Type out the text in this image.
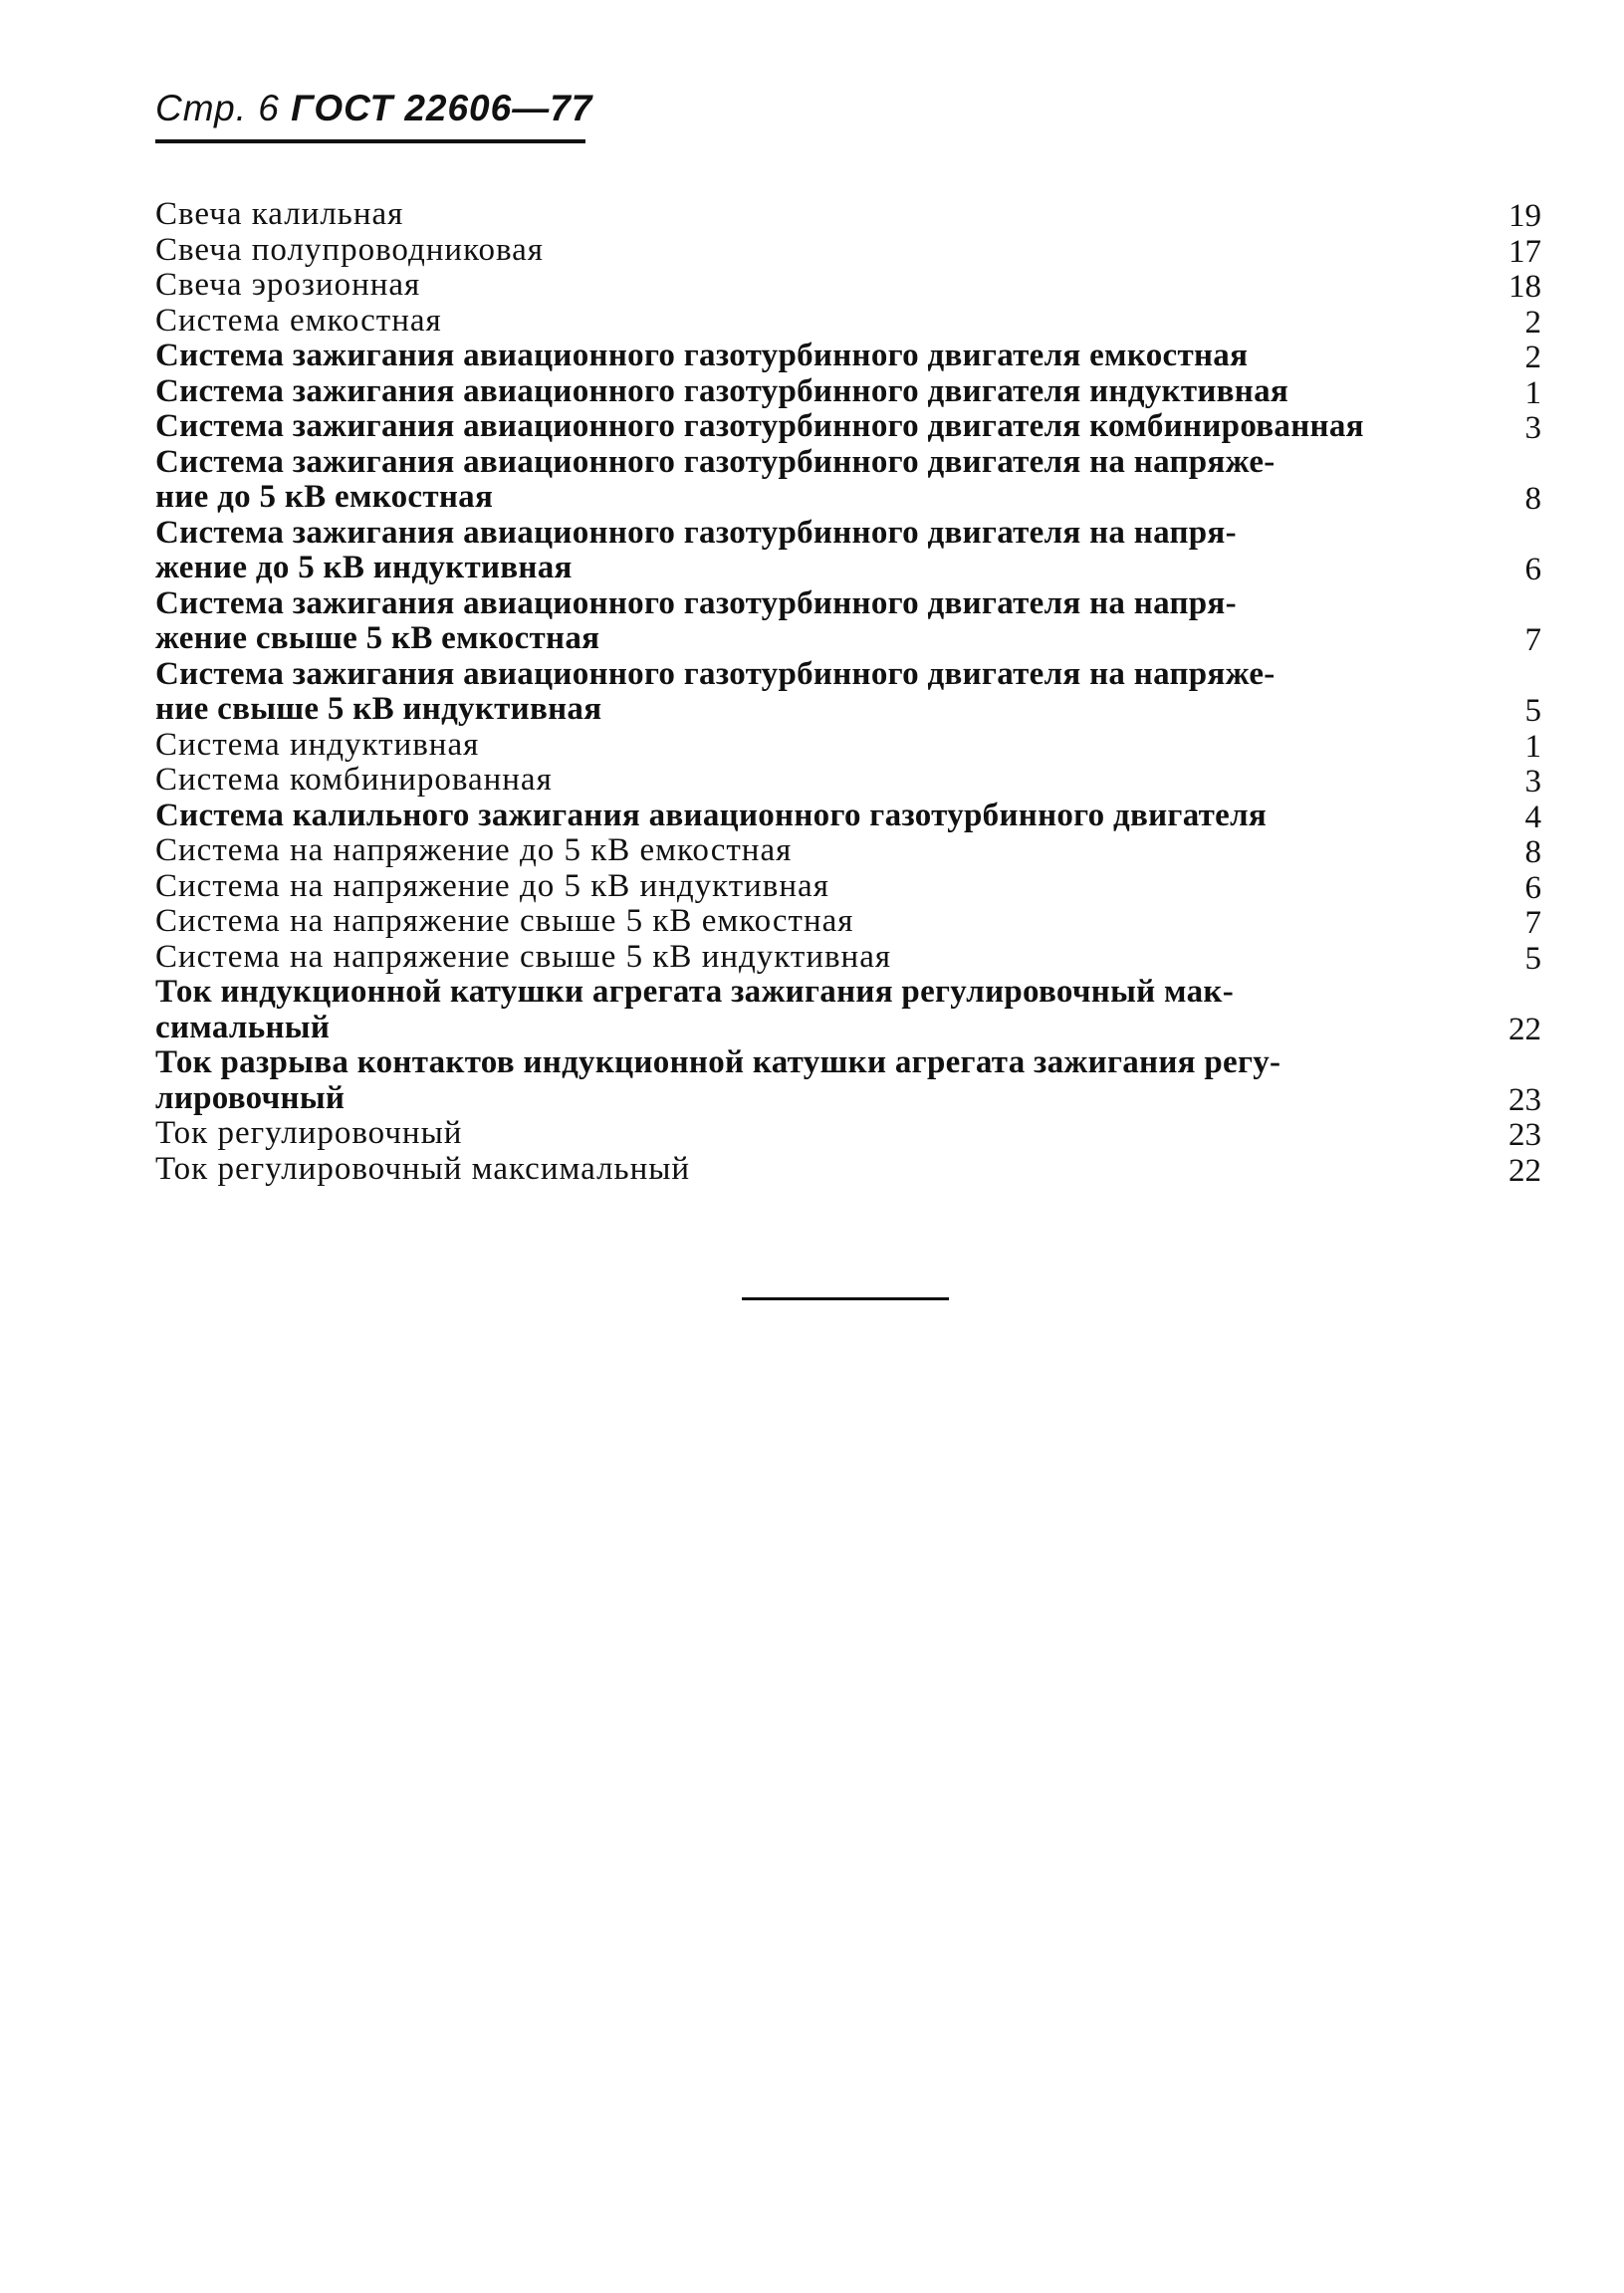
Стр. 6 ГОСТ 22606—77
Свеча калильная	19
Свеча полупроводниковая	17
Свеча эрозионная	18
Система емкостная	2
Система зажигания авиационного газотурбинного двигателя емкостная	2
Система зажигания авиационного газотурбинного двигателя индуктивная	1
Система зажигания авиационного газотурбинного двигателя комбинированная	3
Система зажигания авиационного газотурбинного двигателя на напряже-
ние до 5 кВ емкостная	8
Система зажигания авиационного газотурбинного двигателя на напря-
жение до 5 кВ индуктивная	6
Система зажигания авиационного газотурбинного двигателя на напря-
жение свыше 5 кВ емкостная	7
Система зажигания авиационного газотурбинного двигателя на напряже-
ние свыше 5 кВ индуктивная	5
Система индуктивная	1
Система комбинированная	3
Система калильного зажигания авиационного газотурбинного двигателя	4
Система на напряжение до 5 кВ емкостная	8
Система на напряжение до 5 кВ индуктивная	6
Система на напряжение свыше 5 кВ емкостная	7
Система на напряжение свыше 5 кВ индуктивная	5
Ток индукционной катушки агрегата зажигания регулировочный мак-
симальный	22
Ток разрыва контактов индукционной катушки агрегата зажигания регу-
лировочный	23
Ток регулировочный	23
Ток регулировочный максимальный	22
